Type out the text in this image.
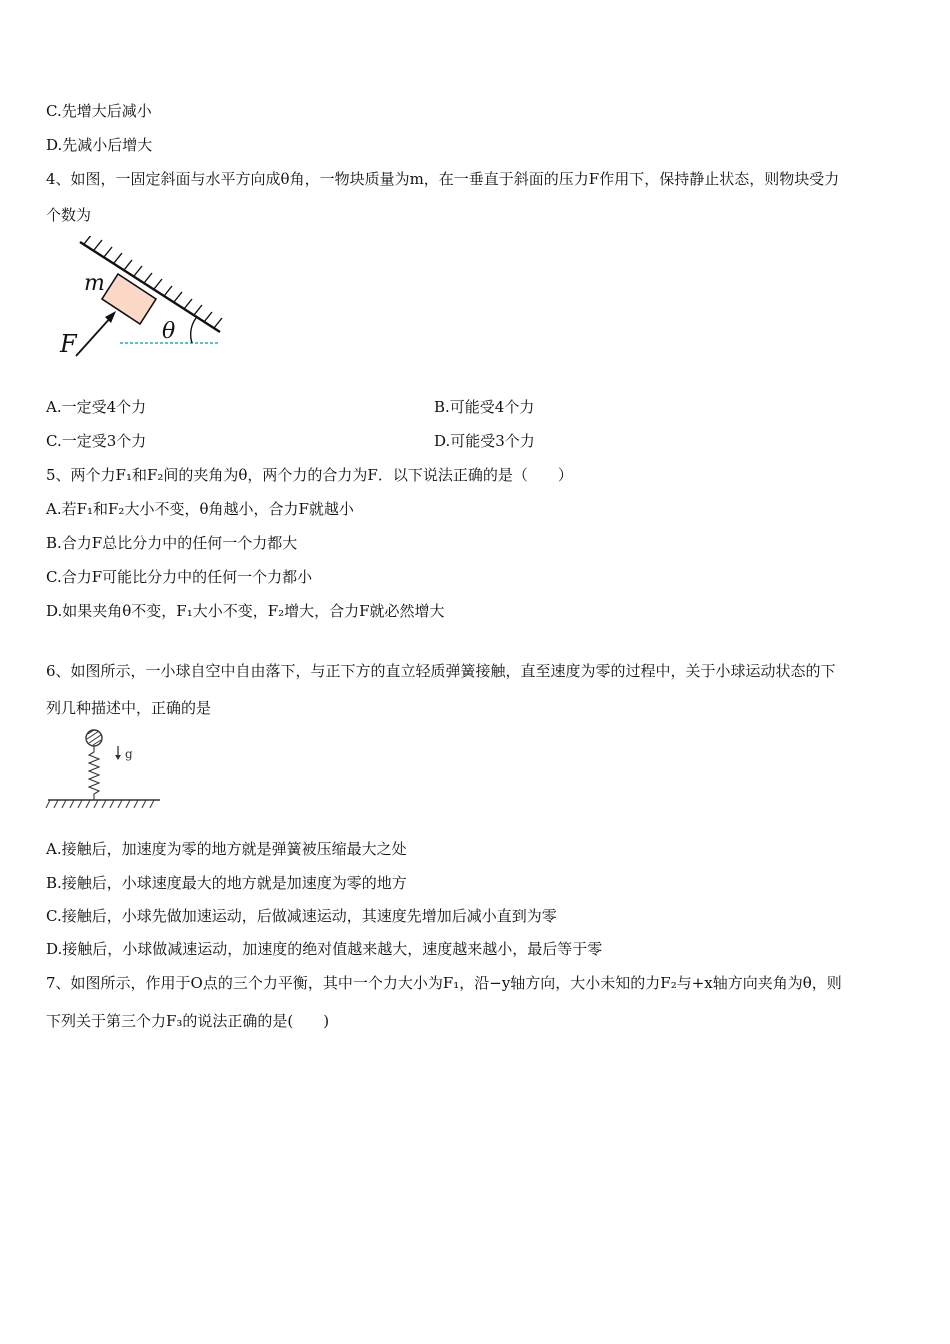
C.先增大后减小
D.先减小后增大
4、如图，一固定斜面与水平方向成θ角，一物块质量为m，在一垂直于斜面的压力F作用下，保持静止状态，则物块受力
个数为
m
F	θ
A.一定受4个力	B.可能受4个力
C.一定受3个力	D.可能受3个力
5、两个力F₁和F₂间的夹角为θ，两个力的合力为F．以下说法正确的是（　　）
A.若F₁和F₂大小不变，θ角越小，合力F就越小
B.合力F总比分力中的任何一个力都大
C.合力F可能比分力中的任何一个力都小
D.如果夹角θ不变，F₁大小不变，F₂增大，合力F就必然增大
6、如图所示，一小球自空中自由落下，与正下方的直立轻质弹簧接触，直至速度为零的过程中，关于小球运动状态的下
列几种描述中，正确的是
g
A.接触后，加速度为零的地方就是弹簧被压缩最大之处
B.接触后，小球速度最大的地方就是加速度为零的地方
C.接触后，小球先做加速运动，后做减速运动，其速度先增加后减小直到为零
D.接触后，小球做减速运动，加速度的绝对值越来越大，速度越来越小，最后等于零
7、如图所示，作用于O点的三个力平衡，其中一个力大小为F₁，沿−y轴方向，大小未知的力F₂与+x轴方向夹角为θ，则
下列关于第三个力F₃的说法正确的是(　　)
